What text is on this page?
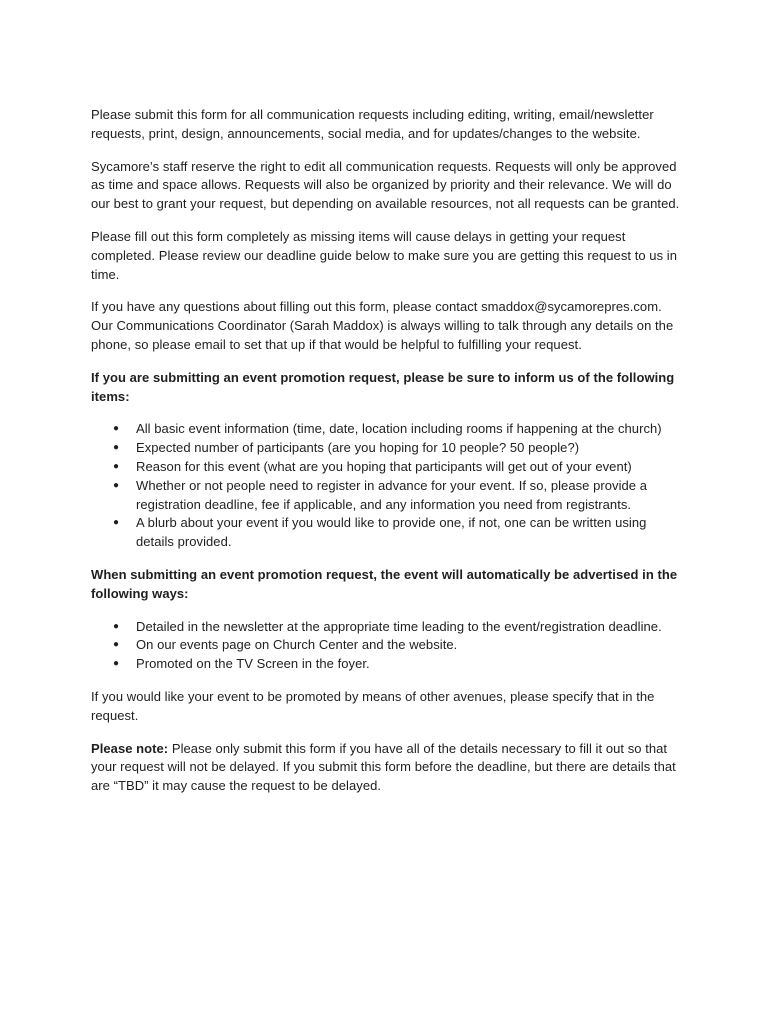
Please submit this form for all communication requests including editing, writing, email/newsletter requests, print, design, announcements, social media, and for updates/changes to the website.

Sycamore’s staff reserve the right to edit all communication requests. Requests will only be approved as time and space allows. Requests will also be organized by priority and their relevance. We will do our best to grant your request, but depending on available resources, not all requests can be granted.

Please fill out this form completely as missing items will cause delays in getting your request completed. Please review our deadline guide below to make sure you are getting this request to us in time.

If you have any questions about filling out this form, please contact smaddox@sycamorepres.com. Our Communications Coordinator (Sarah Maddox) is always willing to talk through any details on the phone, so please email to set that up if that would be helpful to fulfilling your request.

If you are submitting an event promotion request, please be sure to inform us of the following items:

● All basic event information (time, date, location including rooms if happening at the church)
● Expected number of participants (are you hoping for 10 people? 50 people?)
● Reason for this event (what are you hoping that participants will get out of your event)
● Whether or not people need to register in advance for your event. If so, please provide a registration deadline, fee if applicable, and any information you need from registrants.
● A blurb about your event if you would like to provide one, if not, one can be written using details provided.

When submitting an event promotion request, the event will automatically be advertised in the following ways:

● Detailed in the newsletter at the appropriate time leading to the event/registration deadline.
● On our events page on Church Center and the website.
● Promoted on the TV Screen in the foyer.

If you would like your event to be promoted by means of other avenues, please specify that in the request.

Please note: Please only submit this form if you have all of the details necessary to fill it out so that your request will not be delayed. If you submit this form before the deadline, but there are details that are “TBD” it may cause the request to be delayed.
